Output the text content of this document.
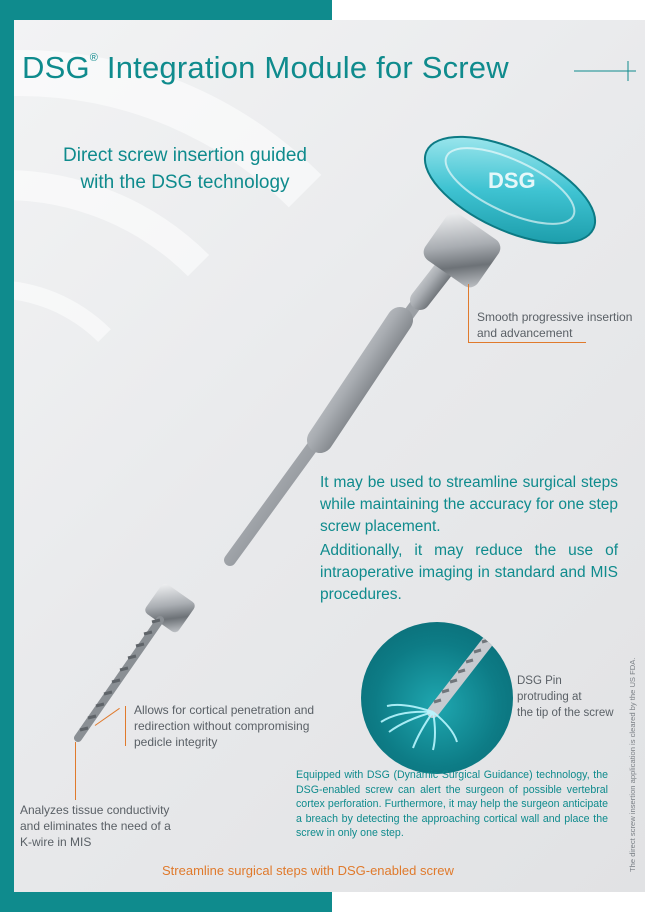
DSG® Integration Module for Screw
Direct screw insertion guided
with the DSG technology	DSG
Smooth progressive insertion
and advancement

It may be used to streamline surgical steps while maintaining the accuracy for one step screw placement.

Additionally, it may reduce the use of intraoperative imaging in standard and MIS procedures.

Allows for cortical penetration and
redirection without compromising
pedicle integrity
Analyzes tissue conductivity
and eliminates the need of a
K-wire in MIS
DSG Pin
protruding at
the tip of the screw

Equipped with DSG (Dynamic Surgical Guidance) technology, the DSG-enabled screw can alert the surgeon of possible vertebral cortex perforation. Furthermore, it may help the surgeon anticipate a breach by detecting the approaching cortical wall and place the screw in only one step.

Streamline surgical steps with DSG-enabled screw	The direct screw insertion application is cleared by the US FDA.
